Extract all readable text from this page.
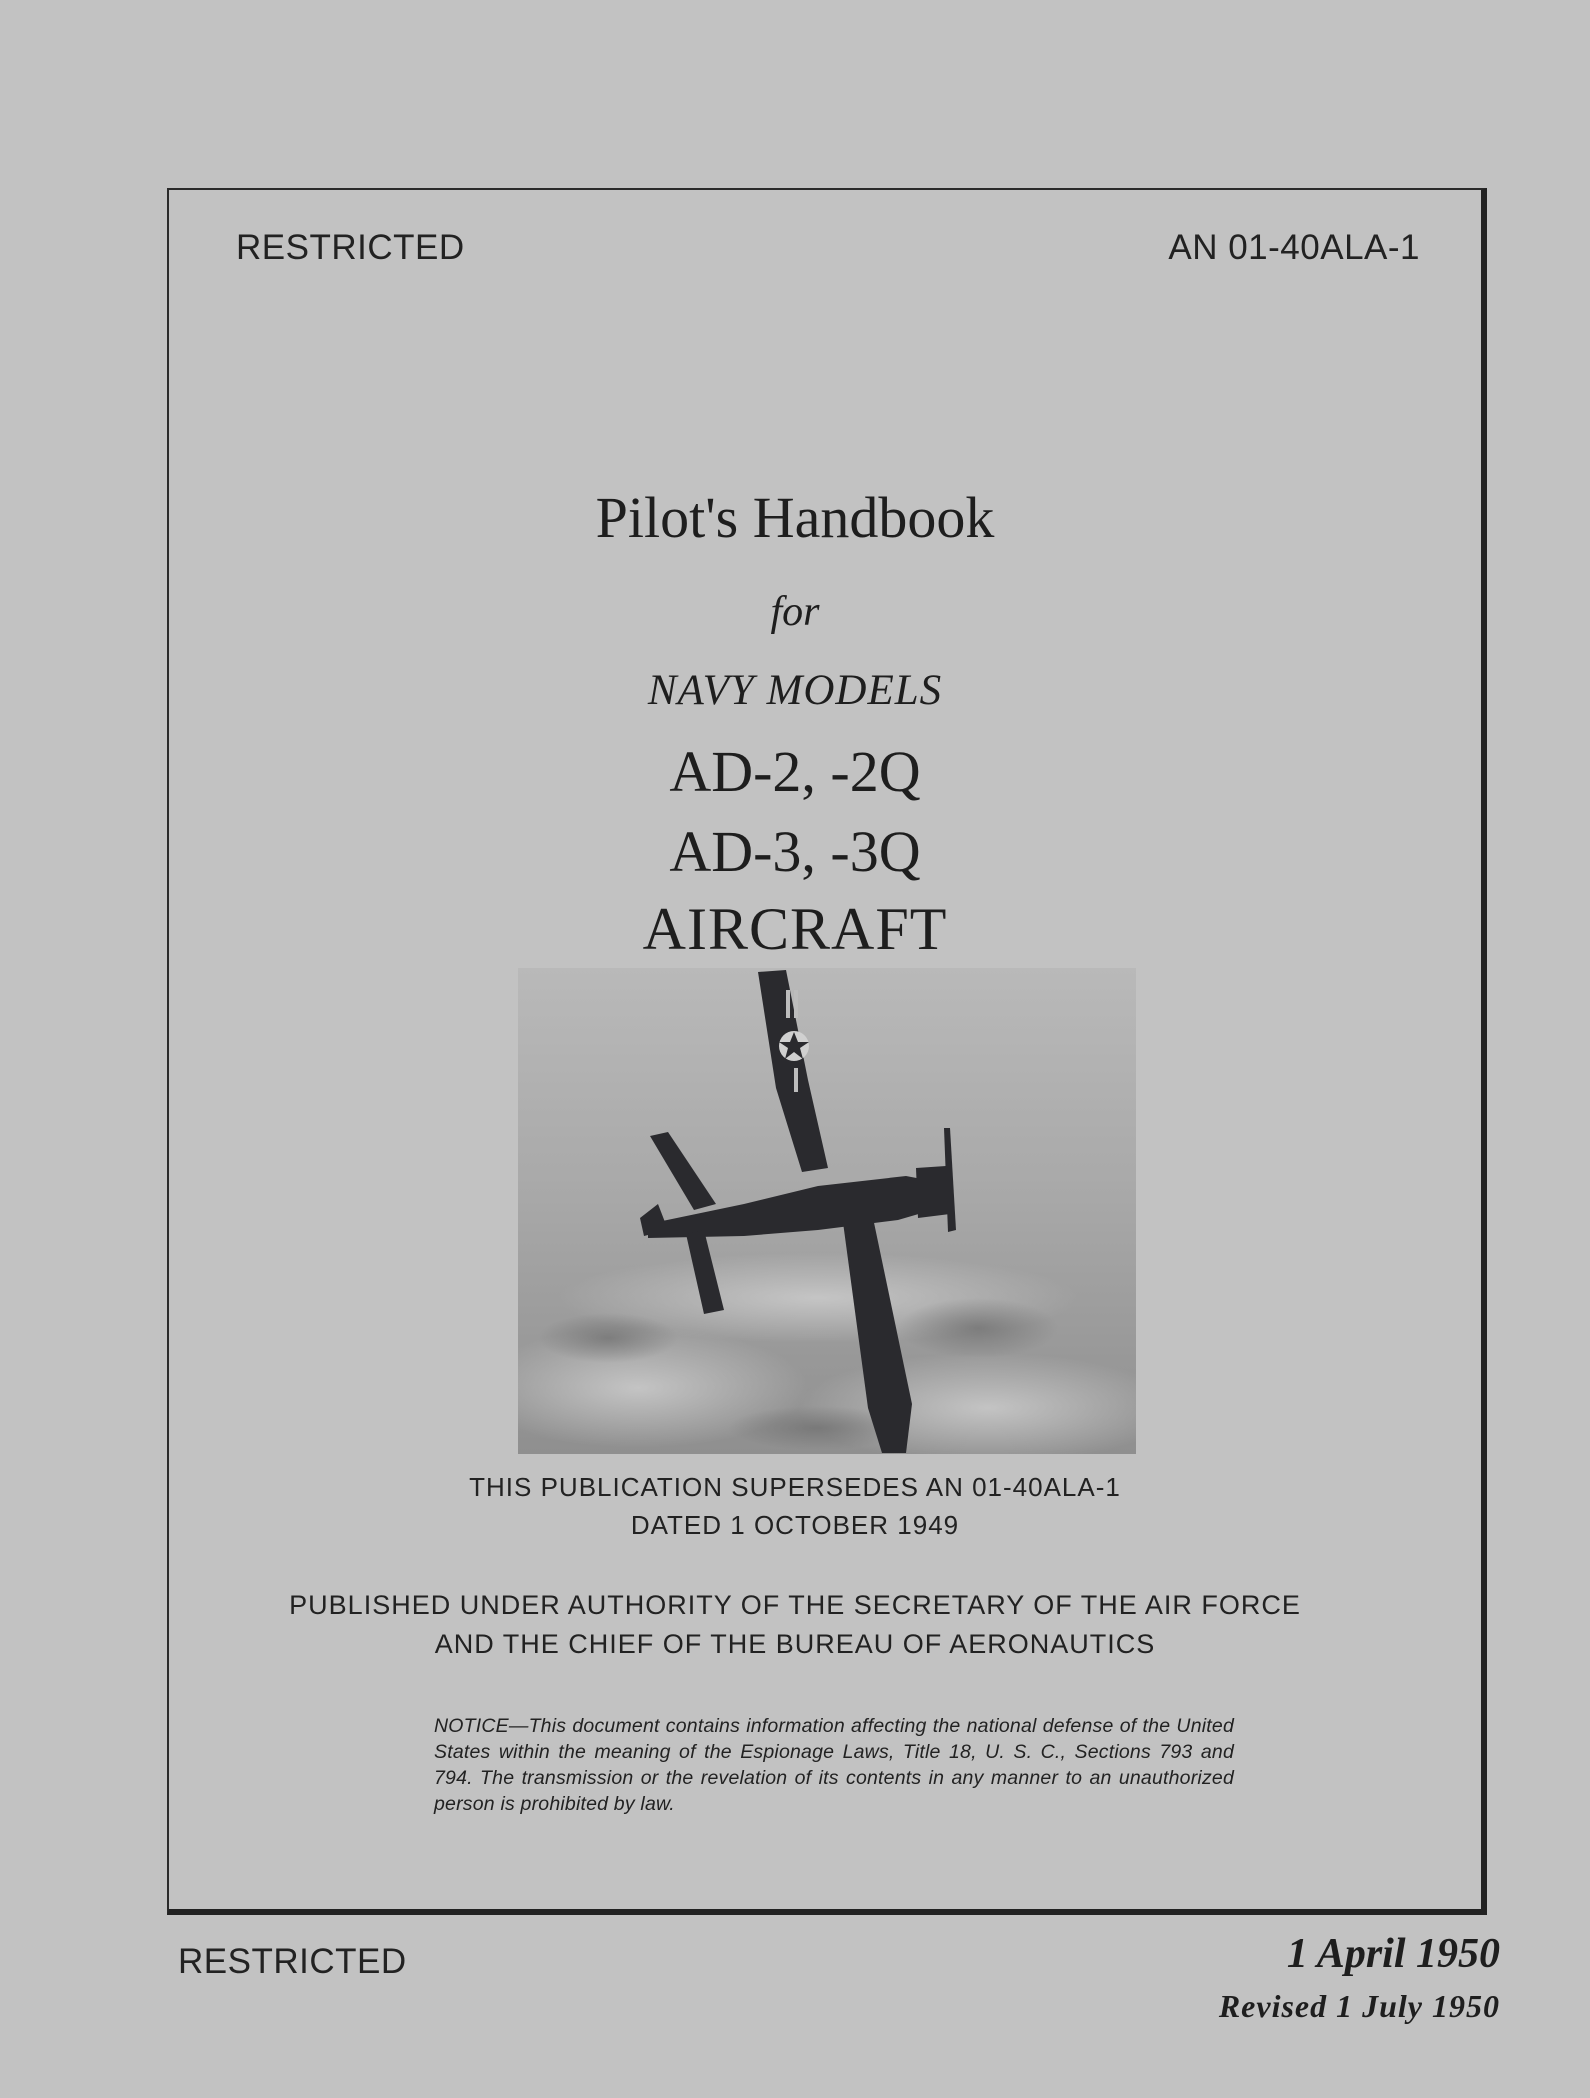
RESTRICTED	AN 01-40ALA-1
Pilot's Handbook
for
NAVY MODELS
AD-2, -2Q
AD-3, -3Q
AIRCRAFT
THIS PUBLICATION SUPERSEDES AN 01-40ALA-1
DATED 1 OCTOBER 1949
PUBLISHED UNDER AUTHORITY OF THE SECRETARY OF THE AIR FORCE
AND THE CHIEF OF THE BUREAU OF AERONAUTICS
NOTICE—This document contains information affecting the national defense of the United States within the meaning of the Espionage Laws, Title 18, U. S. C., Sections 793 and 794. The transmission or the revelation of its contents in any manner to an unauthorized person is prohibited by law.
RESTRICTED	1 April 1950
Revised 1 July 1950
